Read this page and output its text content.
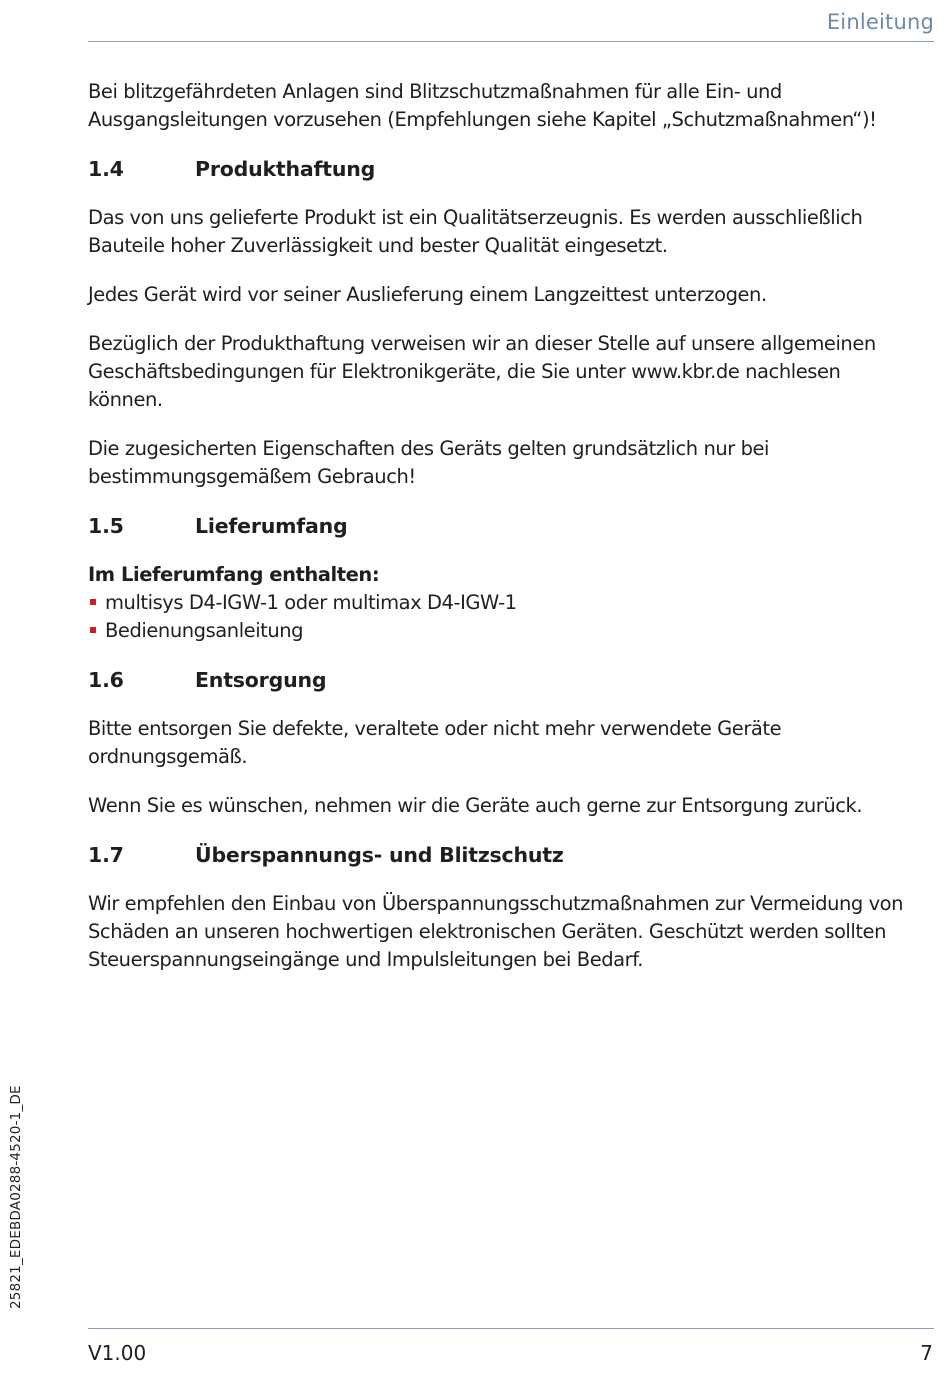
Einleitung

Bei blitzgefährdeten Anlagen sind Blitzschutzmaßnahmen für alle Ein- und Ausgangsleitungen vorzusehen (Empfehlungen siehe Kapitel „Schutzmaßnahmen“)!

1.4	Produkthaftung

Das von uns gelieferte Produkt ist ein Qualitätserzeugnis. Es werden ausschließlich Bauteile hoher Zuverlässigkeit und bester Qualität eingesetzt.

Jedes Gerät wird vor seiner Auslieferung einem Langzeittest unterzogen.

Bezüglich der Produkthaftung verweisen wir an dieser Stelle auf unsere allgemeinen Geschäftsbedingungen für Elektronikgeräte, die Sie unter www.kbr.de nachlesen können.

Die zugesicherten Eigenschaften des Geräts gelten grundsätzlich nur bei bestimmungsgemäßem Gebrauch!

1.5	Lieferumfang

Im Lieferumfang enthalten:

multisys D4-IGW-1 oder multimax D4-IGW-1
Bedienungsanleitung
1.6	Entsorgung

Bitte entsorgen Sie defekte, veraltete oder nicht mehr verwendete Geräte ordnungsgemäß.

Wenn Sie es wünschen, nehmen wir die Geräte auch gerne zur Entsorgung zurück.

1.7	Überspannungs- und Blitzschutz

Wir empfehlen den Einbau von Überspannungsschutzmaßnahmen zur Vermeidung von Schäden an unseren hochwertigen elektronischen Geräten. Geschützt werden sollten Steuerspannungseingänge und Impulsleitungen bei Bedarf.

25821_EDEBDA0288-4520-1_DE
V1.00	7
